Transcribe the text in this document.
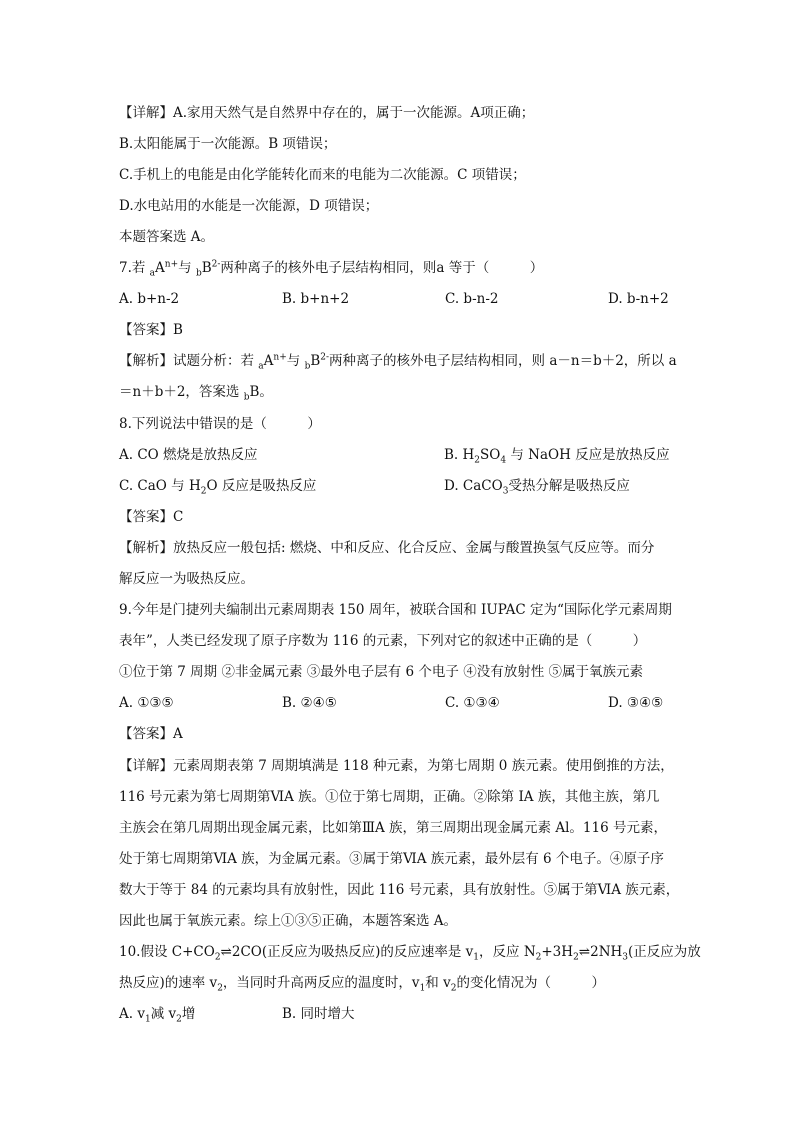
【详解】A.家用天然气是自然界中存在的，属于一次能源。A项正确；
B.太阳能属于一次能源。B 项错误；
C.手机上的电能是由化学能转化而来的电能为二次能源。C 项错误；
D.水电站用的水能是一次能源，D 项错误；
本题答案选 A。
7.若 $_aA^{n+}$与 $_bB^{2-}$两种离子的核外电子层结构相同，则a 等于（　　　）
A. b+n-2	B. b+n+2	C. b-n-2	D. b-n+2
【答案】B
【解析】试题分析：若 $_aA^{n+}$与 $_bB^{2-}$两种离子的核外电子层结构相同，则 a－n＝b＋2，所以 a
＝n＋b＋2，答案选 $_b$B。
8.下列说法中错误的是（　　　）
A. CO 燃烧是放热反应	B. $H_2SO_4$ 与 NaOH 反应是放热反应
C. CaO 与 $H_2O$ 反应是吸热反应	D. CaCO$_3$受热分解是吸热反应
【答案】C
【解析】放热反应一般包括: 燃烧、中和反应、化合反应、金属与酸置换氢气反应等。而分
解反应一为吸热反应。
9.今年是门捷列夫编制出元素周期表 150 周年，被联合国和 IUPAC 定为“国际化学元素周期
表年”，人类已经发现了原子序数为 116 的元素，下列对它的叙述中正确的是（　　　）
①位于第 7 周期 ②非金属元素 ③最外电子层有 6 个电子 ④没有放射性 ⑤属于氧族元素
A. ①③⑤	B. ②④⑤	C. ①③④	D. ③④⑤
【答案】A
【详解】元素周期表第 7 周期填满是 118 种元素，为第七周期 0 族元素。使用倒推的方法，
116 号元素为第七周期第ⅥA 族。①位于第七周期，正确。②除第 IA 族，其他主族，第几
主族会在第几周期出现金属元素，比如第ⅢA 族，第三周期出现金属元素 Al。116 号元素，
处于第七周期第ⅥA 族，为金属元素。③属于第ⅥA 族元素，最外层有 6 个电子。④原子序
数大于等于 84 的元素均具有放射性，因此 116 号元素，具有放射性。⑤属于第ⅥA 族元素，
因此也属于氧族元素。综上①③⑤正确，本题答案选 A。
10.假设 $C+CO_2\rightleftharpoons 2CO$(正反应为吸热反应)的反应速率是 $v_1$，反应 $N_2+3H_2\rightleftharpoons 2NH_3$(正反应为放
热反应)的速率 $v_2$，当同时升高两反应的温度时，$v_1$和 $v_2$的变化情况为（　　　）
A. $v_1$减 $v_2$增	B. 同时增大
